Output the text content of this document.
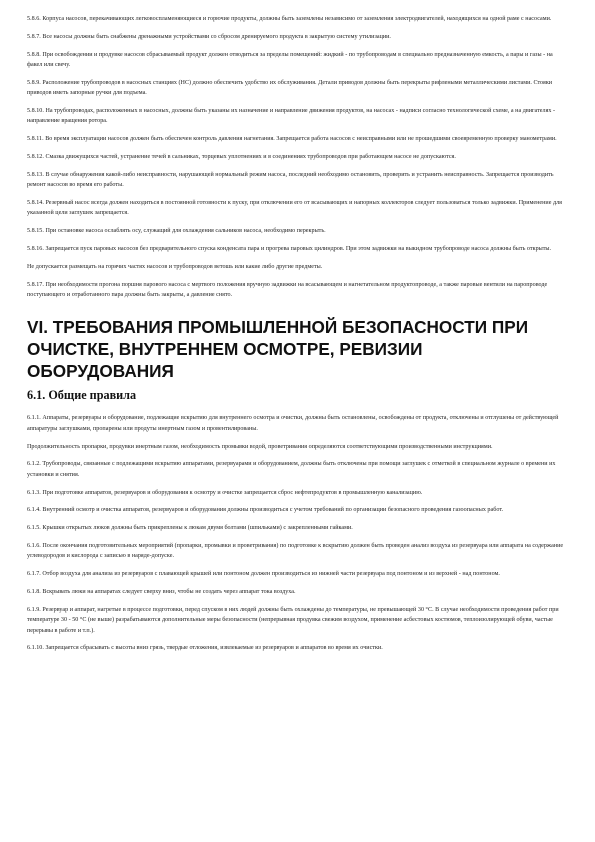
5.8.6. Корпуса насосов, перекачивающих легковоспламеняющиеся и горючие продукты, должны быть заземлены независимо от заземления электродвигателей, находящихся на одной раме с насосами.

5.8.7. Все насосы должны быть снабжены дренажными устройствами со сбросом дренируемого продукта в закрытую систему утилизации.

5.8.8. При освобождении и продувке насосов сбрасываемый продукт должен отводиться за пределы помещений: жидкий - по трубопроводам в специально предназначенную емкость, а пары и газы - на факел или свечу.

5.8.9. Расположение трубопроводов в насосных станциях (НС) должно обеспечить удобство их обслуживания. Детали приводов должны быть перекрыты рифлеными металлическими листами. Стояки приводов иметь запорные ручки для подъема.

5.8.10. На трубопроводах, расположенных в насосных, должны быть указаны их назначение и направление движения продуктов, на насосах - надписи согласно технологической схеме, а на двигателях - направление вращения ротора.

5.8.11. Во время эксплуатации насосов должен быть обеспечен контроль давления нагнетания. Запрещается работа насосов с неисправными или не прошедшими своевременную проверку манометрами.

5.8.12. Смазка движущихся частей, устранение течей в сальниках, торцевых уплотнениях и в соединениях трубопроводов при работающем насосе не допускаются.

5.8.13. В случае обнаружения какой-либо неисправности, нарушающей нормальный режим насоса, последний необходимо остановить, проверить и устранить неисправность. Запрещается производить ремонт насосов во время его работы.

5.8.14. Резервный насос всегда должен находиться в постоянной готовности к пуску, при отключении его от всасывающих и напорных коллекторов следует пользоваться только задвижки. Применение для указанной цели заглушек запрещается.

5.8.15. При остановке насоса ослаблять осу, служащий для охлаждения сальников насоса, необходимо перекрыть.

5.8.16. Запрещается пуск паровых насосов без предварительного спуска конденсата пара и прогрева паровых цилиндров. При этом задвижки на выкидном трубопроводе насоса должны быть открыты.

Не допускается размещать на горячих частях насосов и трубопроводов ветошь или какие либо другие предметы.

5.8.17. При необходимости прогона поршня парового насоса с мертвого положения вручную задвижки на всасывающем и нагнетательном продуктопроводе, а также паровые вентили на паропроводе поступающего и отработанного пара должны быть закрыты, а давление снято.

VI. ТРЕБОВАНИЯ ПРОМЫШЛЕННОЙ БЕЗОПАСНОСТИ ПРИ ОЧИСТКЕ, ВНУТРЕННЕМ ОСМОТРЕ, РЕВИЗИИ ОБОРУДОВАНИЯ
6.1. Общие правила

6.1.1. Аппараты, резервуары и оборудование, подлежащие вскрытию для внутреннего осмотра и очистки, должны быть остановлены, освобождены от продукта, отключены и отглушены от действующей аппаратуры заглушками, пропарены или продуты инертным газом и провентилированы.

Продолжительность пропарки, продувки инертным газом, необходимость промывки водой, проветривания определяются соответствующими производственными инструкциями.

6.1.2. Трубопроводы, связанные с подлежащими вскрытию аппаратами, резервуарами и оборудованием, должны быть отключены при помощи заглушек с отметкой в специальном журнале о времени их установки и снятия.

6.1.3. При подготовке аппаратов, резервуаров и оборудования к осмотру и очистке запрещается сброс нефтепродуктов в промышленную канализацию.

6.1.4. Внутренний осмотр и очистка аппаратов, резервуаров и оборудования должны производиться с учетом требований по организации безопасного проведения газоопасных работ.

6.1.5. Крышки открытых люков должны быть прикреплены к люкам двумя болтами (шпильками) с закрепленными гайками.

6.1.6. После окончания подготовительных мероприятий (пропарки, промывки и проветривания) по подготовке к вскрытию должен быть проведен анализ воздуха из резервуара или аппарата на содержание углеводородов и кислорода с записью в наряде-допуске.

6.1.7. Отбор воздуха для анализа из резервуаров с плавающей крышей или понтоном должен производиться из нижней части резервуара под понтоном и из верхней - над понтоном.

6.1.8. Вскрывать люки на аппаратах следует сверху вниз, чтобы не создать через аппарат тока воздуха.

6.1.9. Резервуар и аппарат, нагретые в процессе подготовки, перед спуском в них людей должны быть охлаждены до температуры, не превышающей 30 °С. В случае необходимости проведения работ при температуре 30 - 50 °С (не выше) разрабатываются дополнительные меры безопасности (непрерывная продувка свежим воздухом, применение асбестовых костюмов, теплоизолирующей обуви, частые перерывы в работе и т.п.).

6.1.10. Запрещается сбрасывать с высоты вниз грязь, твердые отложения, извлекаемые из резервуаров и аппаратов во время их очистки.
